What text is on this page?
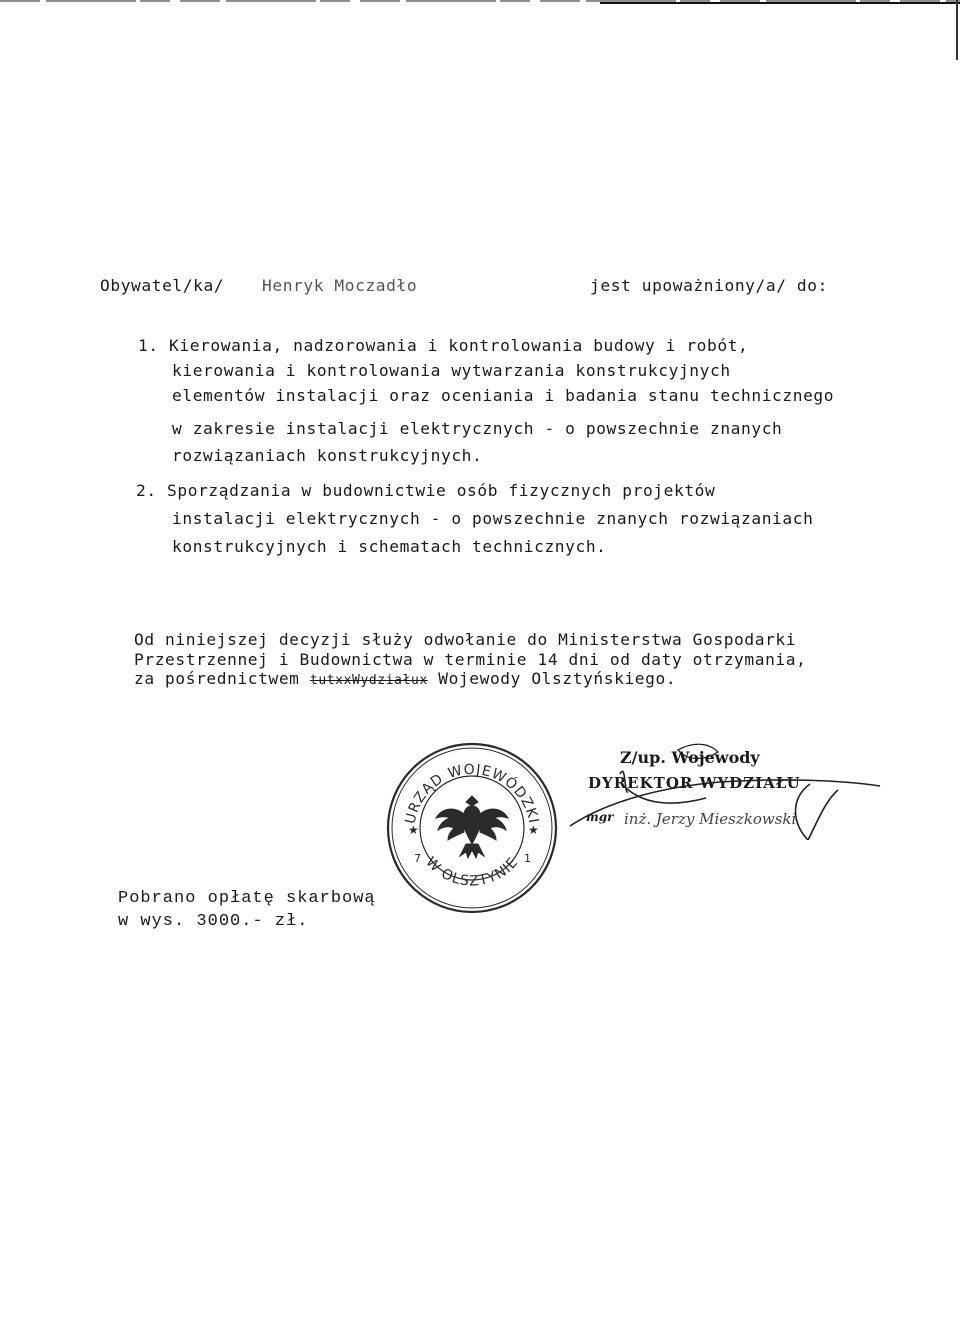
Obywatel/ka/ Henryk Moczadło	jest upoważniony/a/ do:
1. Kierowania, nadzorowania i kontrolowania budowy i robót,
kierowania i kontrolowania wytwarzania konstrukcyjnych
elementów instalacji oraz oceniania i badania stanu technicznego
w zakresie instalacji elektrycznych - o powszechnie znanych
rozwiązaniach konstrukcyjnych.
2. Sporządzania w budownictwie osób fizycznych projektów
instalacji elektrycznych - o powszechnie znanych rozwiązaniach
konstrukcyjnych i schematach technicznych.
Od niniejszej decyzji służy odwołanie do Ministerstwa Gospodarki
Przestrzennej i Budownictwa w terminie 14 dni od daty otrzymania,
za pośrednictwem tutxxWydziałux Wojewody Olsztyńskiego.
URZĄD WOJEWÓDZKI
W OLSZTYNIE
★	★
7	1
Z/up. Wojewody
DYREKTOR WYDZIAŁU
mgr inż. Jerzy Mieszkowski
Pobrano opłatę skarbową
w wys. 3000.- zł.
